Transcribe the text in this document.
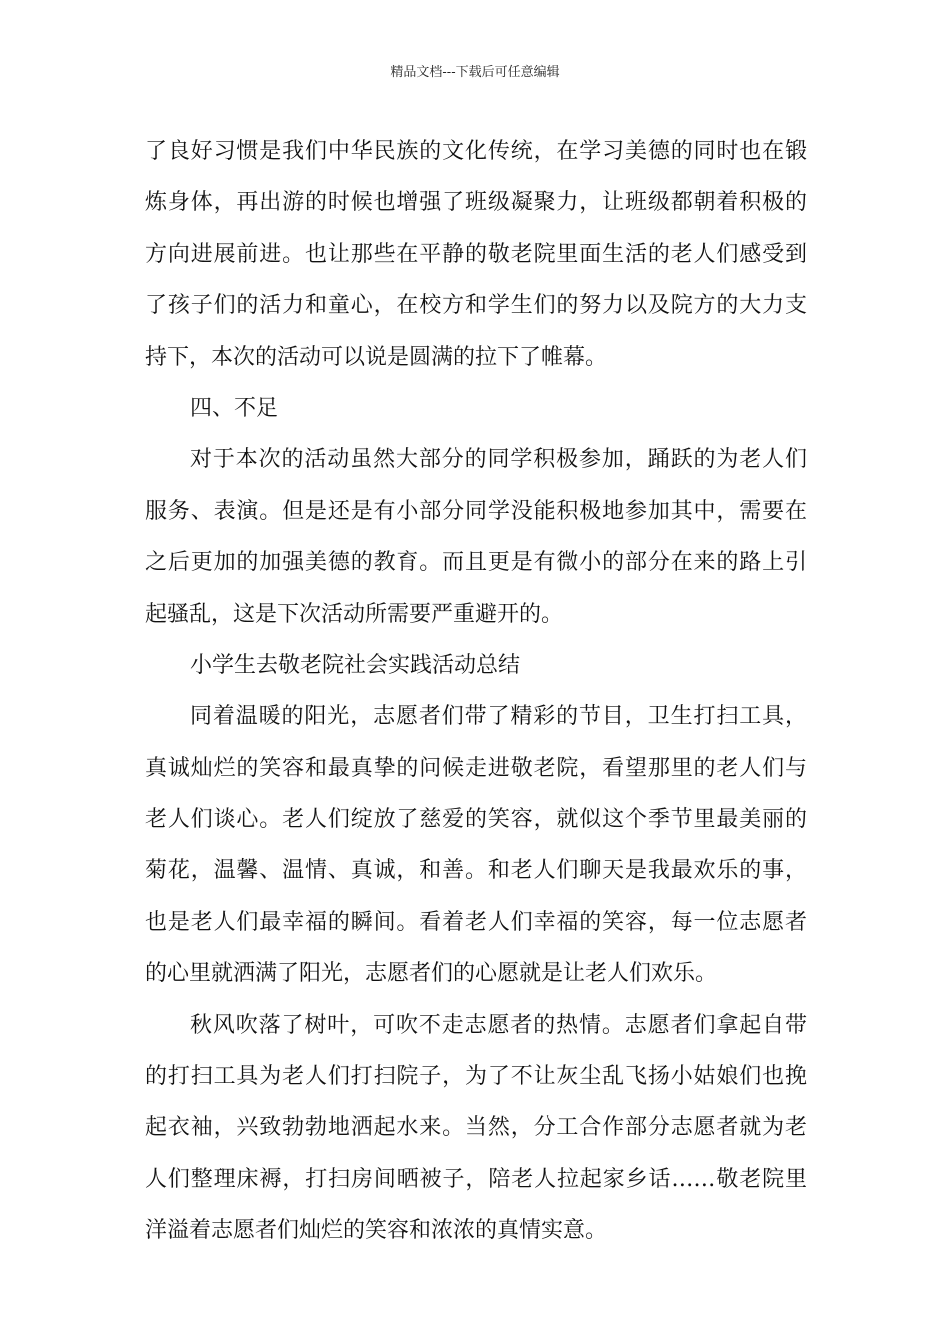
精品文档---下载后可任意编辑
了良好习惯是我们中华民族的文化传统，在学习美德的同时也在锻
炼身体，再出游的时候也增强了班级凝聚力，让班级都朝着积极的
方向进展前进。也让那些在平静的敬老院里面生活的老人们感受到
了孩子们的活力和童心，在校方和学生们的努力以及院方的大力支
持下，本次的活动可以说是圆满的拉下了帷幕。
四、不足
对于本次的活动虽然大部分的同学积极参加，踊跃的为老人们
服务、表演。但是还是有小部分同学没能积极地参加其中，需要在
之后更加的加强美德的教育。而且更是有微小的部分在来的路上引
起骚乱，这是下次活动所需要严重避开的。
小学生去敬老院社会实践活动总结
同着温暖的阳光，志愿者们带了精彩的节目，卫生打扫工具，
真诚灿烂的笑容和最真挚的问候走进敬老院，看望那里的老人们与
老人们谈心。老人们绽放了慈爱的笑容，就似这个季节里最美丽的
菊花，温馨、温情、真诚，和善。和老人们聊天是我最欢乐的事，
也是老人们最幸福的瞬间。看着老人们幸福的笑容，每一位志愿者
的心里就洒满了阳光，志愿者们的心愿就是让老人们欢乐。
秋风吹落了树叶，可吹不走志愿者的热情。志愿者们拿起自带
的打扫工具为老人们打扫院子，为了不让灰尘乱飞扬小姑娘们也挽
起衣袖，兴致勃勃地洒起水来。当然，分工合作部分志愿者就为老
人们整理床褥，打扫房间晒被子，陪老人拉起家乡话……敬老院里
洋溢着志愿者们灿烂的笑容和浓浓的真情实意。
